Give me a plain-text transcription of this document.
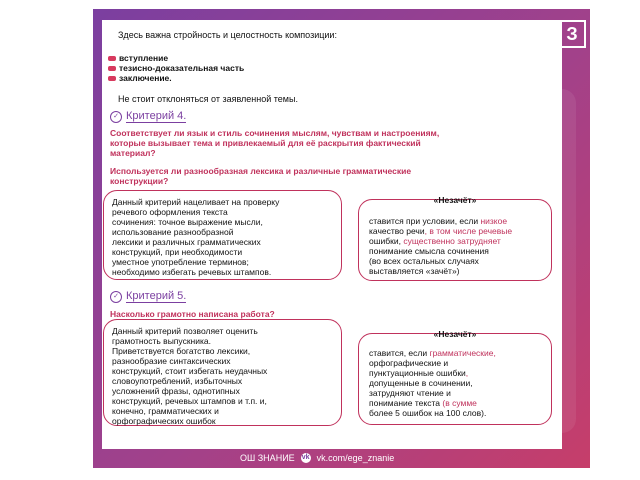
З
Здесь важна стройность и целостность композиции:
вступление
тезисно-доказательная часть
заключение.
Не стоит отклоняться от заявленной темы.
✓ Критерий 4.
Соответствует ли язык и стиль сочинения мыслям, чувствам и настроениям,
которые вызывает тема и привлекаемый для её раскрытия фактический
материал?
Используется ли разнообразная лексика и различные грамматические
конструкции?
Данный критерий нацеливает на проверку
речевого оформления текста
сочинения: точное выражение мысли,
использование разнообразной
лексики и различных грамматических
конструкций, при необходимости
уместное употребление терминов;
необходимо избегать речевых штампов.
«Незачёт»
ставится при условии, если низкое
качество речи, в том числе речевые
ошибки, существенно затрудняет
понимание смысла сочинения
(во всех остальных случаях
выставляется «зачёт»)
✓ Критерий 5.
Насколько грамотно написана работа?
Данный критерий позволяет оценить
грамотность выпускника.
Приветствуется богатство лексики,
разнообразие синтаксических
конструкций, стоит избегать неудачных
словоупотреблений, избыточных
усложнений фразы, однотипных
конструкций, речевых штампов и т.п. и,
конечно, грамматических и
орфографических ошибок
«Незачёт»
ставится, если грамматические,
орфографические и
пунктуационные ошибки,
допущенные в сочинении,
затрудняют чтение и
понимание текста (в сумме
более 5 ошибок на 100 слов).
ОШ ЗНАНИЕ vk vk.com/ege_znanie
